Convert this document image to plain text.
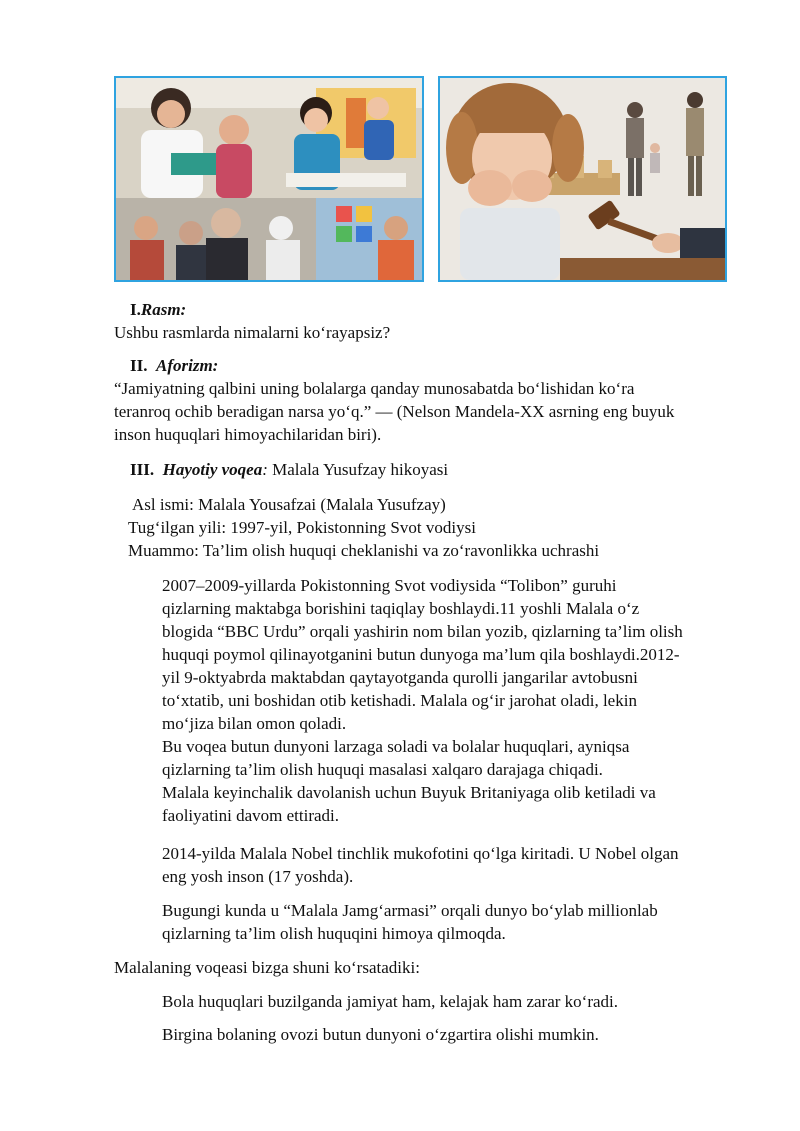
I.Rasm:
Ushbu rasmlarda nimalarni ko‘rayapsiz?
II. Aforizm:
“Jamiyatning qalbini uning bolalarga qanday munosabatda bo‘lishidan ko‘ra
teranroq ochib beradigan narsa yo‘q.” — (Nelson Mandela-XX asrning eng buyuk
inson huquqlari himoyachilaridan biri).
III. Hayotiy voqea: Malala Yusufzay hikoyasi
Asl ismi: Malala Yousafzai (Malala Yusufzay)
Tug‘ilgan yili: 1997-yil, Pokistonning Svot vodiysi
Muammo: Ta’lim olish huquqi cheklanishi va zo‘ravonlikka uchrashi
2007–2009-yillarda Pokistonning Svot vodiysida “Tolibon” guruhi
qizlarning maktabga borishini taqiqlay boshlaydi.11 yoshli Malala o‘z
blogida “BBC Urdu” orqali yashirin nom bilan yozib, qizlarning ta’lim olish
huquqi poymol qilinayotganini butun dunyoga ma’lum qila boshlaydi.2012-
yil 9-oktyabrda maktabdan qaytayotganda qurolli jangarilar avtobusni
to‘xtatib, uni boshidan otib ketishadi. Malala og‘ir jarohat oladi, lekin
mo‘jiza bilan omon qoladi.
Bu voqea butun dunyoni larzaga soladi va bolalar huquqlari, ayniqsa
qizlarning ta’lim olish huquqi masalasi xalqaro darajaga chiqadi.
Malala keyinchalik davolanish uchun Buyuk Britaniyaga olib ketiladi va
faoliyatini davom ettiradi.
2014-yilda Malala Nobel tinchlik mukofotini qo‘lga kiritadi. U Nobel olgan
eng yosh inson (17 yoshda).
Bugungi kunda u “Malala Jamg‘armasi” orqali dunyo bo‘ylab millionlab
qizlarning ta’lim olish huquqini himoya qilmoqda.
Malalaning voqeasi bizga shuni ko‘rsatadiki:
Bola huquqlari buzilganda jamiyat ham, kelajak ham zarar ko‘radi.
Birgina bolaning ovozi butun dunyoni o‘zgartira olishi mumkin.
